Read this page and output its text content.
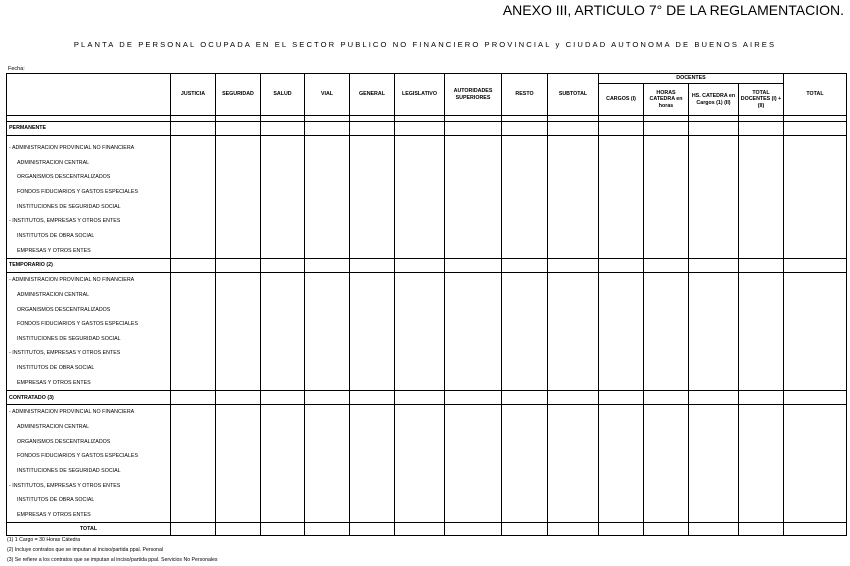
ANEXO III, ARTICULO 7° DE LA REGLAMENTACION.
PLANTA DE PERSONAL OCUPADA EN EL SECTOR PUBLICO NO FINANCIERO PROVINCIAL y CIUDAD AUTONOMA DE BUENOS AIRES
Fecha:
	JUSTICIA	SEGURIDAD	SALUD	VIAL	GENERAL	LEGISLATIVO	AUTORIDADES SUPERIORES	RESTO	SUBTOTAL	DOCENTES				TOTAL
										CARGOS (I)	HORAS CATEDRA en horas	HS. CATEDRA en Cargos (1) (II)	TOTAL DOCENTES (I) +(II)	

PERMANENTE														

- ADMINISTRACION PROVINCIAL NO FINANCIERA														
ADMINISTRACION CENTRAL														
ORGANISMOS DESCENTRALIZADOS														
FONDOS FIDUCIARIOS Y GASTOS ESPECIALES														
INSTITUCIONES DE SEGURIDAD SOCIAL														
- INSTITUTOS, EMPRESAS Y OTROS ENTES														
INSTITUTOS DE OBRA SOCIAL														
EMPRESAS Y OTROS ENTES														
TEMPORARIO (2)														
- ADMINISTRACION PROVINCIAL NO FINANCIERA														
ADMINISTRACION CENTRAL														
ORGANISMOS DESCENTRALIZADOS														
FONDOS FIDUCIARIOS Y GASTOS ESPECIALES														
INSTITUCIONES DE SEGURIDAD SOCIAL														
- INSTITUTOS, EMPRESAS Y OTROS ENTES														
INSTITUTOS DE OBRA SOCIAL														
EMPRESAS Y OTROS ENTES														
CONTRATADO (3)														
- ADMINISTRACION PROVINCIAL NO FINANCIERA														
ADMINISTRACION CENTRAL														
ORGANISMOS DESCENTRALIZADOS														
FONDOS FIDUCIARIOS Y GASTOS ESPECIALES														
INSTITUCIONES DE SEGURIDAD SOCIAL														
- INSTITUTOS, EMPRESAS Y OTROS ENTES														
INSTITUTOS DE OBRA SOCIAL														
EMPRESAS Y OTROS ENTES														
TOTAL														
(1) 1 Cargo = 30 Horas Cátedra
(2) Incluye contratos que se imputan al inciso/partida ppal. Personal
(3) Se refiere a los contratos que se imputan al inciso/partida ppal. Servicios No Personales
